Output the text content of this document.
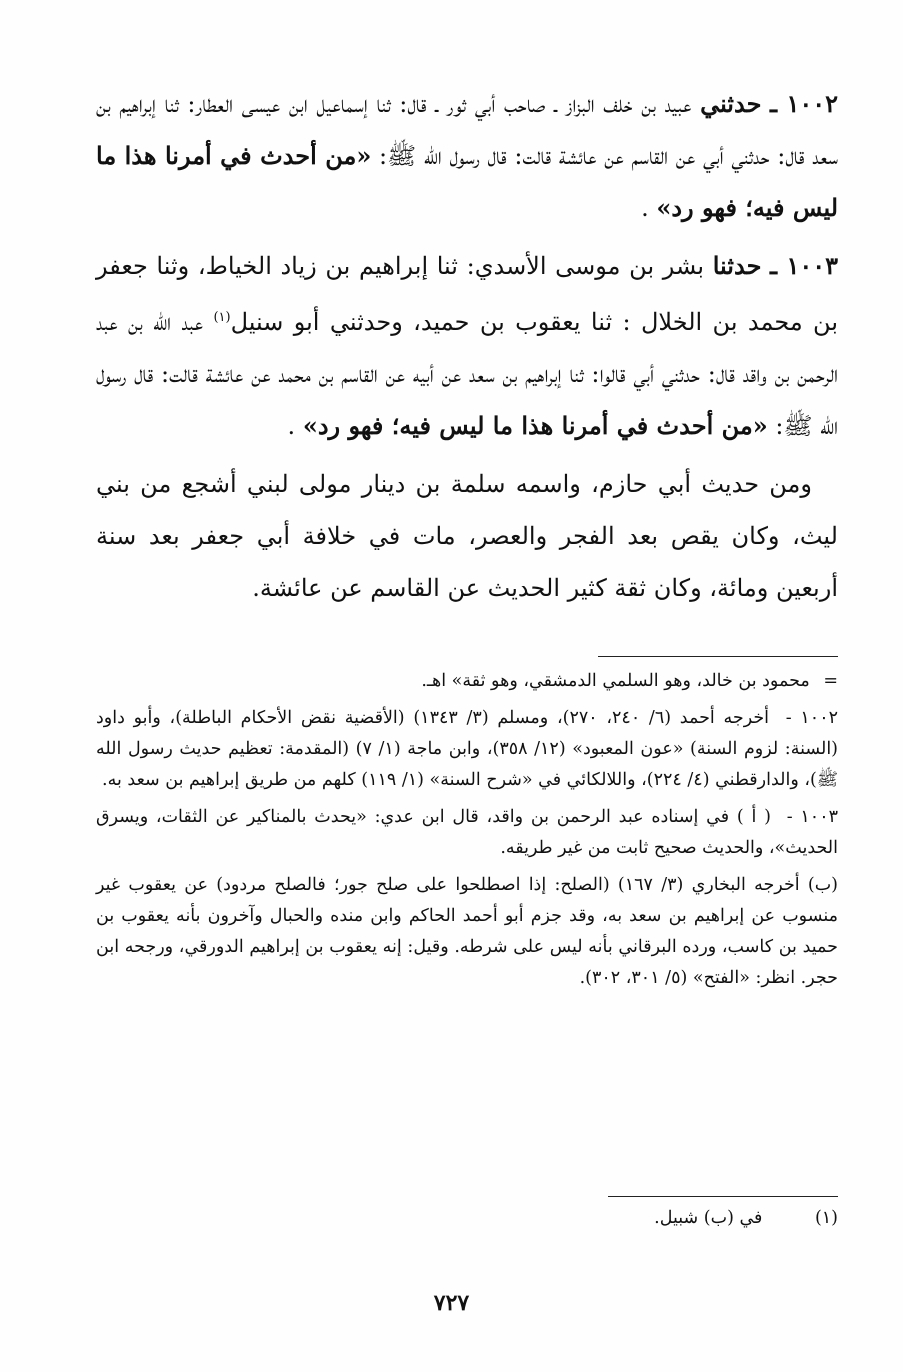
١٠٠٢ ـ حدثني عبيد بن خلف البزاز ـ صاحب أبي ثور ـ قال: ثنا إسماعيل ابن عيسى العطار: ثنا إبراهيم بن سعد قال: حدثني أبي عن القاسم عن عائشة قالت: قال رسول الله ﷺ: «من أحدث في أمرنا هذا ما ليس فيه؛ فهو رد» .

١٠٠٣ ـ حدثنا بشر بن موسى الأسدي: ثنا إبراهيم بن زياد الخياط، وثنا جعفر بن محمد بن الخلال : ثنا يعقوب بن حميد، وحدثني أبو سنيل$^{(١)}$ عبد الله بن عبد الرحمن بن واقد قال: حدثني أبي قالوا: ثنا إبراهيم بن سعد عن أبيه عن القاسم بن محمد عن عائشة قالت: قال رسول الله ﷺ: «من أحدث في أمرنا هذا ما ليس فيه؛ فهو رد» .

ومن حديث أبي حازم، واسمه سلمة بن دينار مولى لبني أشجع من بني ليث، وكان يقص بعد الفجر والعصر، مات في خلافة أبي جعفر بعد سنة أربعين ومائة، وكان ثقة كثير الحديث عن القاسم عن عائشة.

= محمود بن خالد، وهو السلمي الدمشقي، وهو ثقة» اهـ.

١٠٠٢ - أخرجه أحمد (٦/ ٢٤٠، ٢٧٠)، ومسلم (٣/ ١٣٤٣) (الأقضية نقض الأحكام الباطلة)، وأبو داود (السنة: لزوم السنة) «عون المعبود» (١٢/ ٣٥٨)، وابن ماجة (١/ ٧) (المقدمة: تعظيم حديث رسول الله ﷺ)، والدارقطني (٤/ ٢٢٤)، واللالكائي في «شرح السنة» (١/ ١١٩) كلهم من طريق إبراهيم بن سعد به.

١٠٠٣ - ( أ ) في إسناده عبد الرحمن بن واقد، قال ابن عدي: «يحدث بالمناكير عن الثقات، ويسرق الحديث»، والحديث صحيح ثابت من غير طريقه.

(ب) أخرجه البخاري (٣/ ١٦٧) (الصلح: إذا اصطلحوا على صلح جور؛ فالصلح مردود) عن يعقوب غير منسوب عن إبراهيم بن سعد به، وقد جزم أبو أحمد الحاكم وابن منده والحبال وآخرون بأنه يعقوب بن حميد بن كاسب، ورده البرقاني بأنه ليس على شرطه. وقيل: إنه يعقوب بن إبراهيم الدورقي، ورجحه ابن حجر. انظر: «الفتح» (٥/ ٣٠١، ٣٠٢).

(١) في (ب) شبيل.
٧٢٧
